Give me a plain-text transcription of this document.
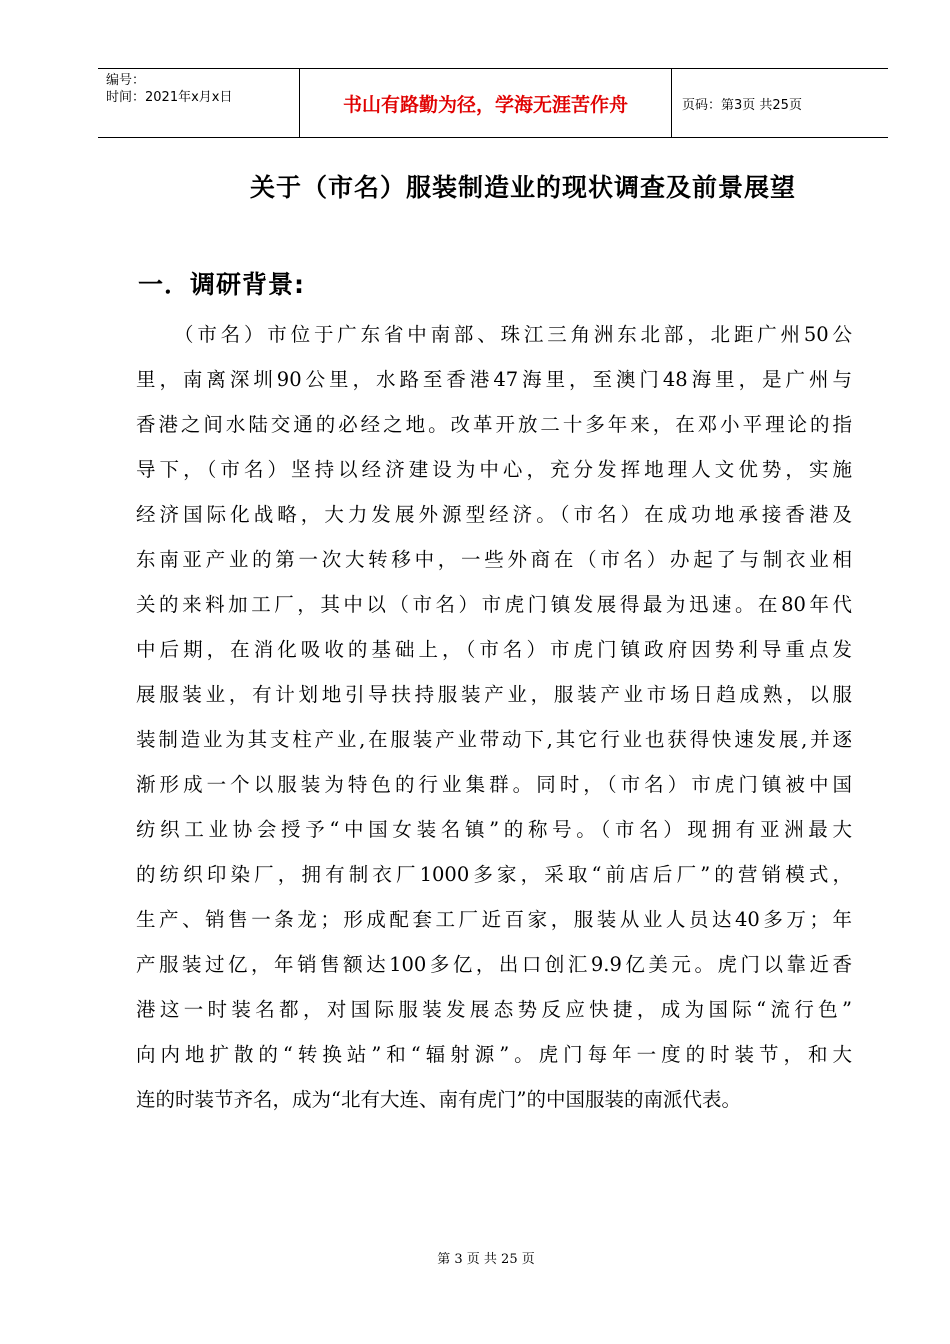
编号：
时间：2021年x月x日	书山有路勤为径，学海无涯苦作舟	页码：第3页 共25页
关于（市名）服装制造业的现状调查及前景展望
一．调研背景:
（市名）市位于广东省中南部、珠江三角洲东北部，北距广州50公
里，南离深圳90公里，水路至香港47海里，至澳门48海里，是广州与
香港之间水陆交通的必经之地。改革开放二十多年来，在邓小平理论的指
导下，（市名）坚持以经济建设为中心，充分发挥地理人文优势，实施
经济国际化战略，大力发展外源型经济。（市名）在成功地承接香港及
东南亚产业的第一次大转移中，一些外商在（市名）办起了与制衣业相
关的来料加工厂，其中以（市名）市虎门镇发展得最为迅速。在80年代
中后期，在消化吸收的基础上，（市名）市虎门镇政府因势利导重点发
展服装业，有计划地引导扶持服装产业，服装产业市场日趋成熟，以服
装制造业为其支柱产业,在服装产业带动下,其它行业也获得快速发展,并逐
渐形成一个以服装为特色的行业集群。同时，（市名）市虎门镇被中国
纺织工业协会授予“中国女装名镇”的称号。（市名）现拥有亚洲最大
的纺织印染厂，拥有制衣厂1000多家，采取“前店后厂”的营销模式，
生产、销售一条龙；形成配套工厂近百家，服装从业人员达40多万；年
产服装过亿，年销售额达100多亿，出口创汇9.9亿美元。虎门以靠近香
港这一时装名都，对国际服装发展态势反应快捷，成为国际“流行色”
向内地扩散的“转换站”和“辐射源”。虎门每年一度的时装节，和大
连的时装节齐名，成为“北有大连、南有虎门”的中国服装的南派代表。
第 3 页 共 25 页
